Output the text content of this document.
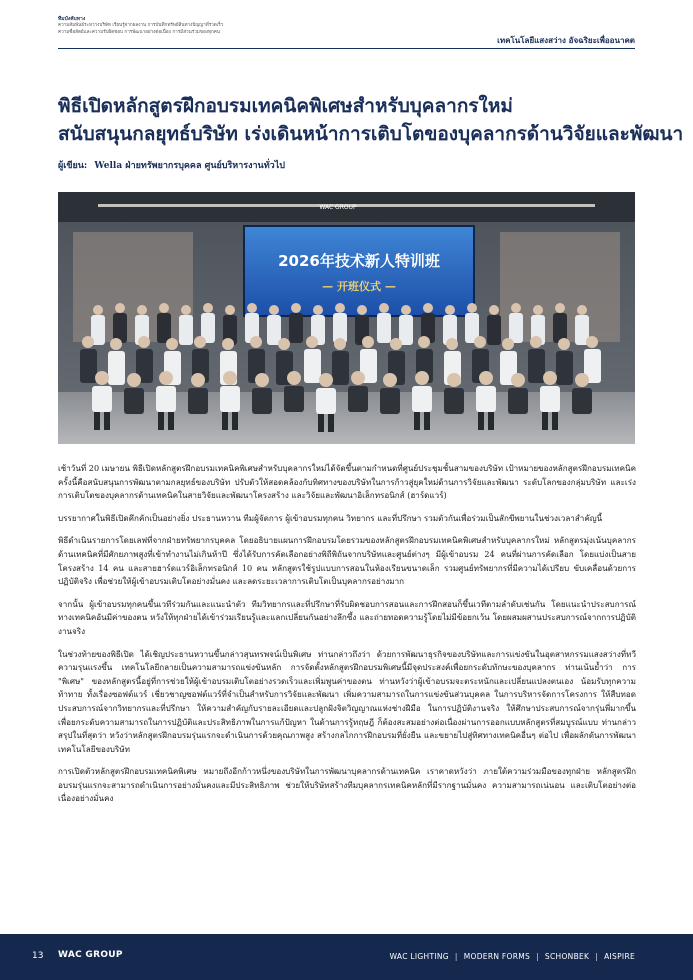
ทีมบังคับทาง
ความสัมพันธ์ระหว่างบริษัท เรียนรู้จากผลงาน การบันทึกทรัพย์สินทางปัญญาที่รวดเร็ว
ความซื่อสัตย์และความรับผิดชอบ การพัฒนาอย่างต่อเนื่อง การมีส่วนร่วมของทุกคน
เทคโนโลยีแสงสว่าง อัจฉริยะเพื่ออนาคต
พิธีเปิดหลักสูตรฝึกอบรมเทคนิคพิเศษสำหรับบุคลากรใหม่
สนับสนุนกลยุทธ์บริษัท เร่งเดินหน้าการเติบโตของบุคลากรด้านวิจัยและพัฒนา
ผู้เขียน: Wella ฝ่ายทรัพยากรบุคคล ศูนย์บริหารงานทั่วไป
2026年技术新人特训班
— 开班仪式 —
WAC GROUP

เช้าวันที่ 20 เมษายน พิธีเปิดหลักสูตรฝึกอบรมเทคนิคพิเศษสำหรับบุคลากรใหม่ได้จัดขึ้นตามกำหนดที่ศูนย์ประชุมชั้นสามของบริษัท เป้าหมายของหลักสูตรฝึกอบรมเทคนิคครั้งนี้คือสนับสนุนการพัฒนาตามกลยุทธ์ของบริษัท ปรับตัวให้สอดคล้องกับทิศทางของบริษัทในการก้าวสู่ยุคใหม่ด้านการวิจัยและพัฒนา ระดับโลกของกลุ่มบริษัท และเร่งการเติบโตของบุคลากรด้านเทคนิคในสายวิจัยและพัฒนาโครงสร้าง และวิจัยและพัฒนาอิเล็กทรอนิกส์ (ฮาร์ดแวร์)

บรรยากาศในพิธีเปิดคึกคักเป็นอย่างยิ่ง ประธานหวาน ทีมผู้จัดการ ผู้เข้าอบรมทุกคน วิทยากร และที่ปรึกษา รวมตัวกันเพื่อร่วมเป็นสักขีพยานในช่วงเวลาสำคัญนี้

พิธีดำเนินรายการโดยเลฟที่จากฝ่ายทรัพยากรบุคคล โดยอธิบายแผนการฝึกอบรมโดยรวมของหลักสูตรฝึกอบรมเทคนิคพิเศษสำหรับบุคลากรใหม่ หลักสูตรมุ่งเน้นบุคลากรด้านเทคนิคที่มีศักยภาพสูงที่เข้าทำงานไม่เกินห้าปี ซึ่งได้รับการคัดเลือกอย่างพิถีพิถันจากบริษัทและศูนย์ต่างๆ มีผู้เข้าอบรม 24 คนที่ผ่านการคัดเลือก โดยแบ่งเป็นสายโครงสร้าง 14 คน และสายฮาร์ดแวร์อิเล็กทรอนิกส์ 10 คน หลักสูตรใช้รูปแบบการสอนในห้องเรียนขนาดเล็ก รวมศูนย์ทรัพยากรที่มีความได้เปรียบ ขับเคลื่อนด้วยการปฏิบัติจริง เพื่อช่วยให้ผู้เข้าอบรมเติบโตอย่างมั่นคง และลดระยะเวลาการเติบโตเป็นบุคลากรอย่างมาก

จากนั้น ผู้เข้าอบรมทุกคนขึ้นเวทีร่วมกันและแนะนำตัว ทีมวิทยากรและที่ปรึกษาที่รับผิดชอบการสอนและการฝึกสอนก็ขึ้นเวทีตามลำดับเช่นกัน โดยแนะนำประสบการณ์ทางเทคนิคอันมีค่าของตน หวังให้ทุกฝ่ายได้เข้าร่วมเรียนรู้และแลกเปลี่ยนกันอย่างลึกซึ้ง และถ่ายทอดความรู้โดยไม่มีข้อยกเว้น โดยผสมผสานประสบการณ์จากการปฏิบัติงานจริง

ในช่วงท้ายของพิธีเปิด ได้เชิญประธานหวานขึ้นกล่าวสุนทรพจน์เป็นพิเศษ ท่านกล่าวถึงว่า ด้วยการพัฒนาธุรกิจของบริษัทและการแข่งขันในอุตสาหกรรมแสงสว่างที่ทวีความรุนแรงขึ้น เทคโนโลยีกลายเป็นความสามารถแข่งขันหลัก การจัดตั้งหลักสูตรฝึกอบรมพิเศษนี้มีจุดประสงค์เพื่อยกระดับทักษะของบุคลากร ท่านเน้นย้ำว่า การ "พิเศษ" ของหลักสูตรนี้อยู่ที่การช่วยให้ผู้เข้าอบรมเติบโตอย่างรวดเร็วและเพิ่มพูนค่าของตน ท่านหวังว่าผู้เข้าอบรมจะตระหนักและเปลี่ยนแปลงตนเอง น้อมรับทุกความท้าทาย ทั้งเรื่องซอฟต์แวร์ เชี่ยวชาญซอฟต์แวร์ที่จำเป็นสำหรับการวิจัยและพัฒนา เพิ่มความสามารถในการแข่งขันส่วนบุคคล ในการบริหารจัดการโครงการ ให้สืบทอดประสบการณ์จากวิทยากรและที่ปรึกษา ให้ความสำคัญกับรายละเอียดและปลูกฝังจิตวิญญาณแห่งช่างฝีมือ ในการปฏิบัติงานจริง ให้ศึกษาประสบการณ์จากรุ่นพี่มากขึ้น เพื่อยกระดับความสามารถในการปฏิบัติและประสิทธิภาพในการแก้ปัญหา ในด้านการรู้ทฤษฎี ก็ต้องสะสมอย่างต่อเนื่องผ่านการออกแบบหลักสูตรที่สมบูรณ์แบบ ท่านกล่าวสรุปในที่สุดว่า หวังว่าหลักสูตรฝึกอบรมรุ่นแรกจะดำเนินการด้วยคุณภาพสูง สร้างกลไกการฝึกอบรมที่ยั่งยืน และขยายไปสู่ทิศทางเทคนิคอื่นๆ ต่อไป เพื่อผลักดันการพัฒนาเทคโนโลยีของบริษัท

การเปิดตัวหลักสูตรฝึกอบรมเทคนิคพิเศษ หมายถึงอีกก้าวหนึ่งของบริษัทในการพัฒนาบุคลากรด้านเทคนิค เราคาดหวังว่า ภายใต้ความร่วมมือของทุกฝ่าย หลักสูตรฝึกอบรมรุ่นแรกจะสามารถดำเนินการอย่างมั่นคงและมีประสิทธิภาพ ช่วยให้บริษัทสร้างทีมบุคลากรเทคนิคหลักที่มีรากฐานมั่นคง ความสามารถเน่นอน และเติบโตอย่างต่อเนื่องอย่างมั่นคง

13 WAC GROUP	WAC LIGHTING | MODERN FORMS | SCHONBEK | AISPIRE
